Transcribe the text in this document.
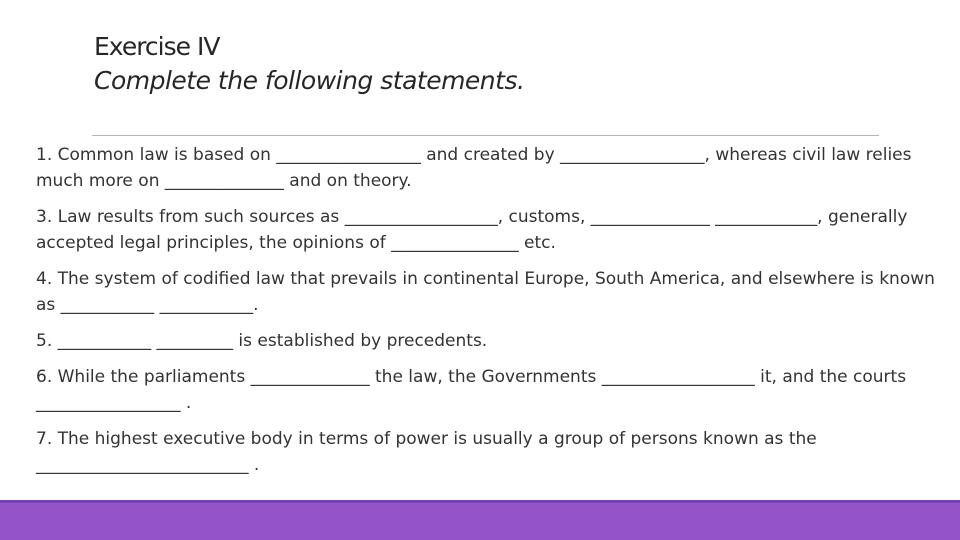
Exercise IV
Complete the following statements.
1. Common law is based on _________________ and created by _________________, whereas civil law relies much more on ______________ and on theory.
3. Law results from such sources as __________________, customs, ______________ ____________, generally accepted legal principles, the opinions of _______________ etc.
4. The system of codified law that prevails in continental Europe, South America, and elsewhere is known as ___________ ___________.
5. ___________ _________ is established by precedents.
6. While the parliaments ______________ the law, the Governments __________________ it, and the courts _________________ .
7. The highest executive body in terms of power is usually a group of persons known as the _________________________ .
